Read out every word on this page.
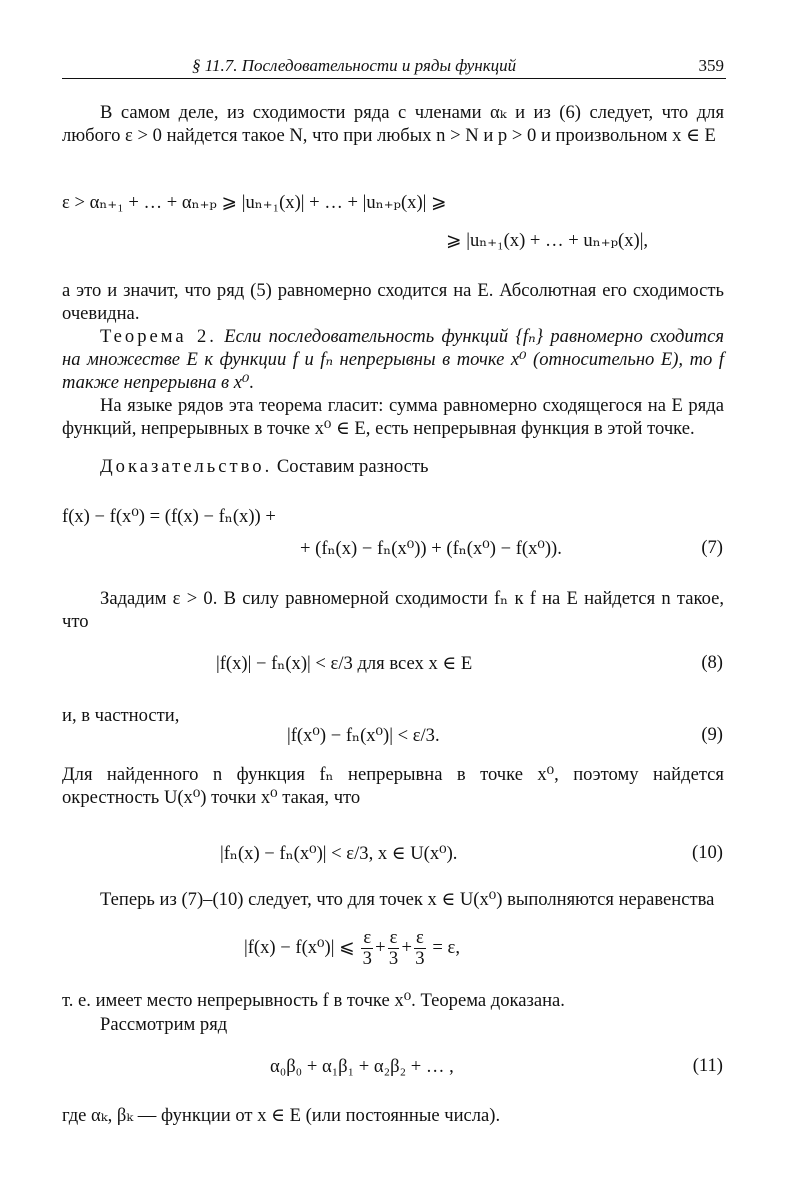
§ 11.7. Последовательности и ряды функций	359
В самом деле, из сходимости ряда с членами αₖ и из (6) следует, что для любого ε > 0 найдется такое N, что при любых n > N и p > 0 и произвольном x ∈ E
ε > αₙ₊₁ + … + αₙ₊ₚ ⩾ |uₙ₊₁(x)| + … + |uₙ₊ₚ(x)| ⩾
⩾ |uₙ₊₁(x) + … + uₙ₊ₚ(x)|,
а это и значит, что ряд (5) равномерно сходится на E. Абсолютная его сходимость очевидна.
Теорема 2. Если последовательность функций {fₙ} равномерно сходится на множестве E к функции f и fₙ непрерывны в точке x⁰ (относительно E), то f также непрерывна в x⁰.
На языке рядов эта теорема гласит: сумма равномерно сходящегося на E ряда функций, непрерывных в точке x⁰ ∈ E, есть непрерывная функция в этой точке.
Доказательство. Составим разность
f(x) − f(x⁰) = (f(x) − fₙ(x)) +
+ (fₙ(x) − fₙ(x⁰)) + (fₙ(x⁰) − f(x⁰)).	(7)
Зададим ε > 0. В силу равномерной сходимости fₙ к f на E найдется n такое, что
|f(x)| − fₙ(x)| < ε/3 для всех x ∈ E	(8)
и, в частности,
|f(x⁰) − fₙ(x⁰)| < ε/3.	(9)
Для найденного n функция fₙ непрерывна в точке x⁰, поэтому найдется окрестность U(x⁰) точки x⁰ такая, что
|fₙ(x) − fₙ(x⁰)| < ε/3, x ∈ U(x⁰).	(10)
Теперь из (7)–(10) следует, что для точек x ∈ U(x⁰) выполняются неравенства
|f(x) − f(x⁰)| ⩽ $\frac{\varepsilon}{3} + \frac{\varepsilon}{3} + \frac{\varepsilon}{3} = \varepsilon$,
т. е. имеет место непрерывность f в точке x⁰. Теорема доказана.
Рассмотрим ряд
α₀β₀ + α₁β₁ + α₂β₂ + … ,	(11)
где αₖ, βₖ — функции от x ∈ E (или постоянные числа).
